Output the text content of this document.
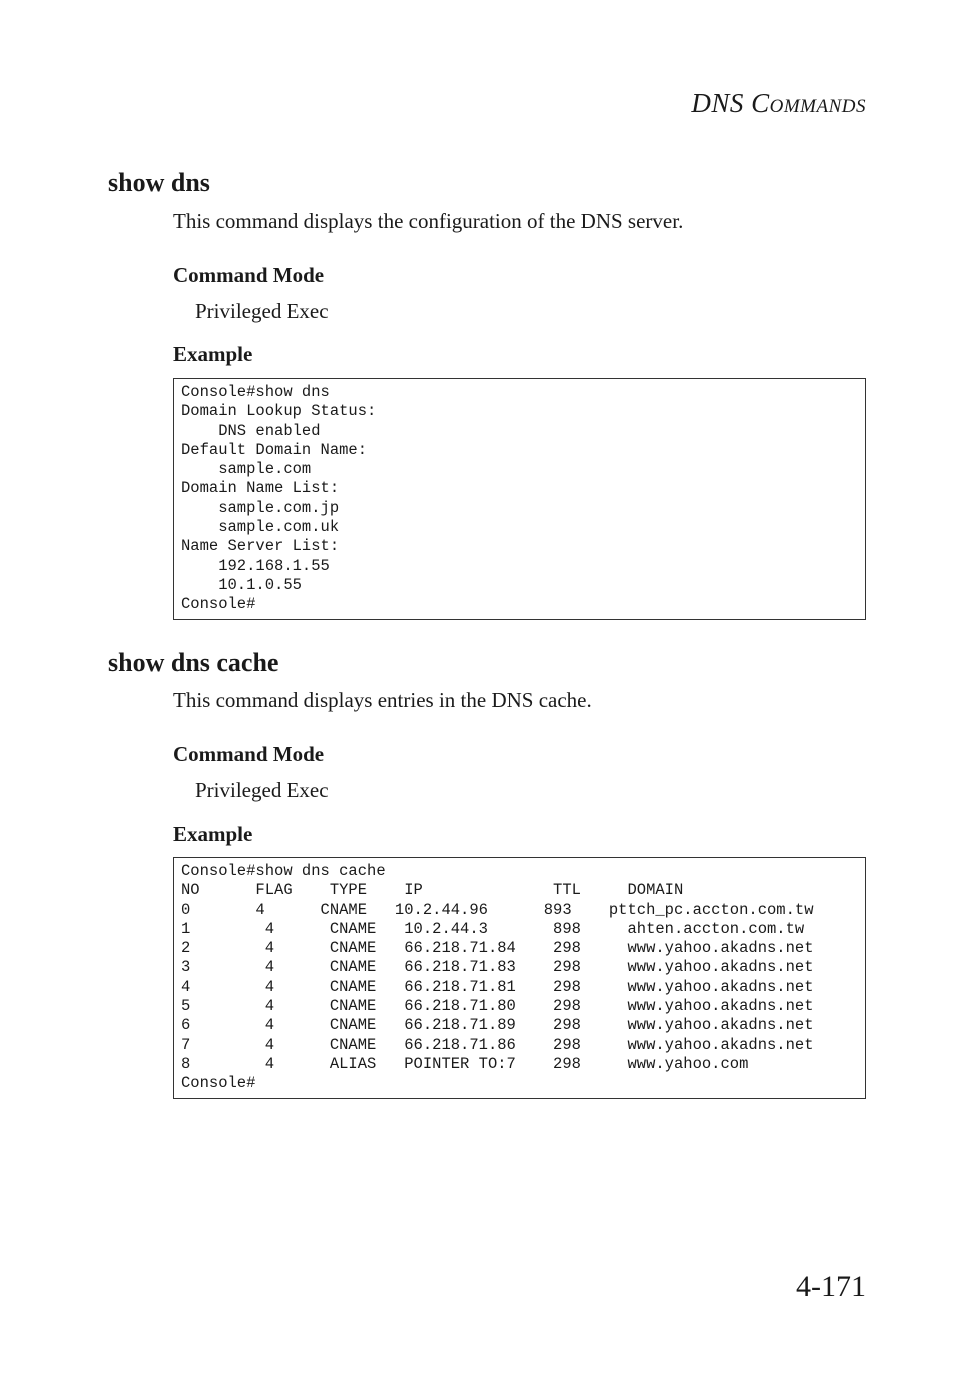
DNS COMMANDS
show dns

This command displays the configuration of the DNS server.

Command Mode

Privileged Exec

Example
Console#show dns
Domain Lookup Status:
DNS enabled
Default Domain Name:
sample.com
Domain Name List:
sample.com.jp
sample.com.uk
Name Server List:
192.168.1.55
10.1.0.55
Console#
show dns cache

This command displays entries in the DNS cache.

Command Mode

Privileged Exec

Example
Console#show dns cache
NO      FLAG    TYPE    IP              TTL     DOMAIN
0       4      CNAME   10.2.44.96      893    pttch_pc.accton.com.tw
1        4      CNAME   10.2.44.3       898     ahten.accton.com.tw
2        4      CNAME   66.218.71.84    298     www.yahoo.akadns.net
3        4      CNAME   66.218.71.83    298     www.yahoo.akadns.net
4        4      CNAME   66.218.71.81    298     www.yahoo.akadns.net
5        4      CNAME   66.218.71.80    298     www.yahoo.akadns.net
6        4      CNAME   66.218.71.89    298     www.yahoo.akadns.net
7        4      CNAME   66.218.71.86    298     www.yahoo.akadns.net
8        4      ALIAS   POINTER TO:7    298     www.yahoo.com
Console#
4-171
